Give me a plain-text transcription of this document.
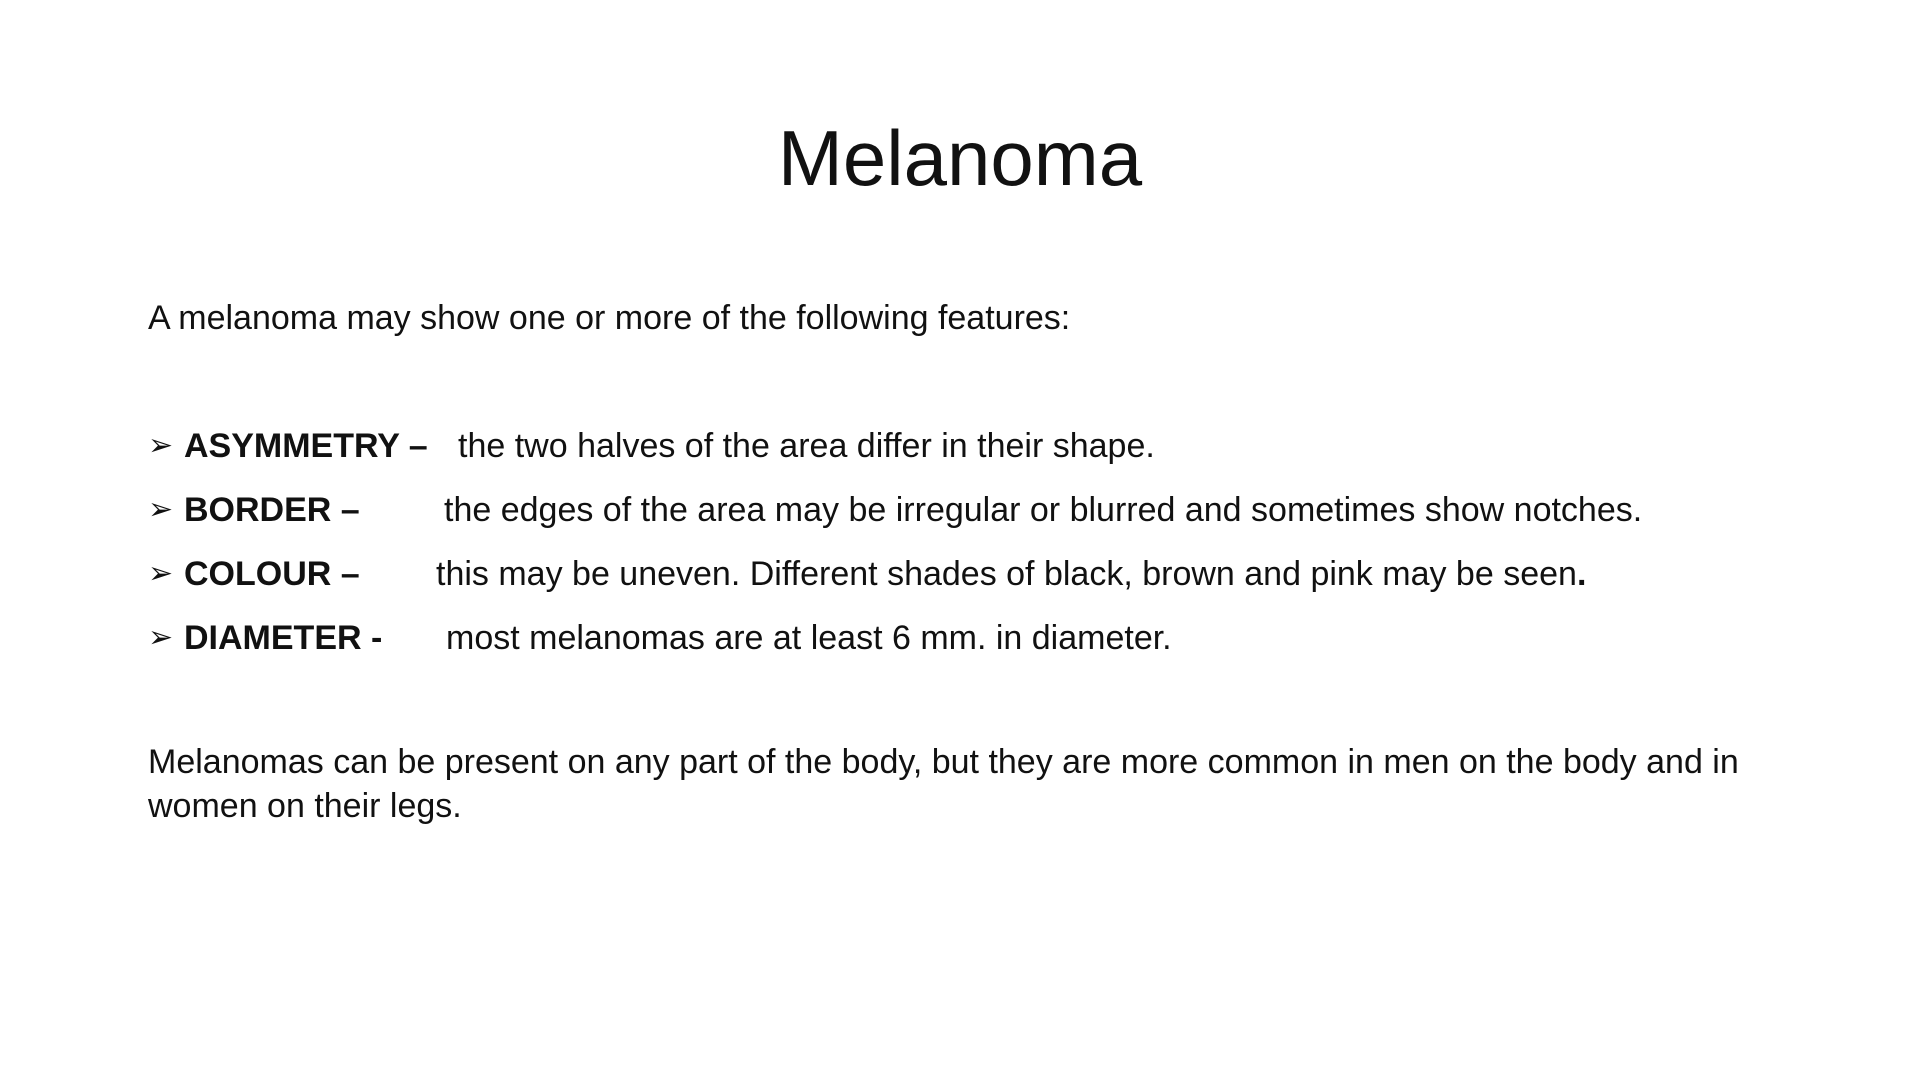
Melanoma

A melanoma may show one or more of the following features:

➢ ASYMMETRY – the two halves of the area differ in their shape.
➢ BORDER – the edges of the area may be irregular or blurred and sometimes show notches.
➢ COLOUR – this may be uneven. Different shades of black, brown and pink may be seen.
➢ DIAMETER - most melanomas are at least 6 mm. in diameter.

Melanomas can be present on any part of the body, but they are more common in men on the body and in women on their legs.
